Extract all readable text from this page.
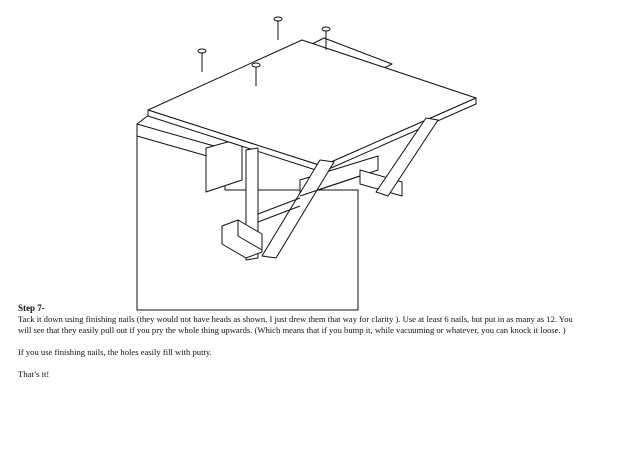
Step 7-

Tack it down using finishing nails (they would not have heads as shown, I just drew them that way for clarity ). Use at least 6 nails, but put in as many as 12. You will see that they easily pull out if you pry the whole thing upwards. (Which means that if you bump it, while vacuuming or whatever, you can knock it loose. )

If you use finishing nails, the holes easily fill with putty.

That’s it!
